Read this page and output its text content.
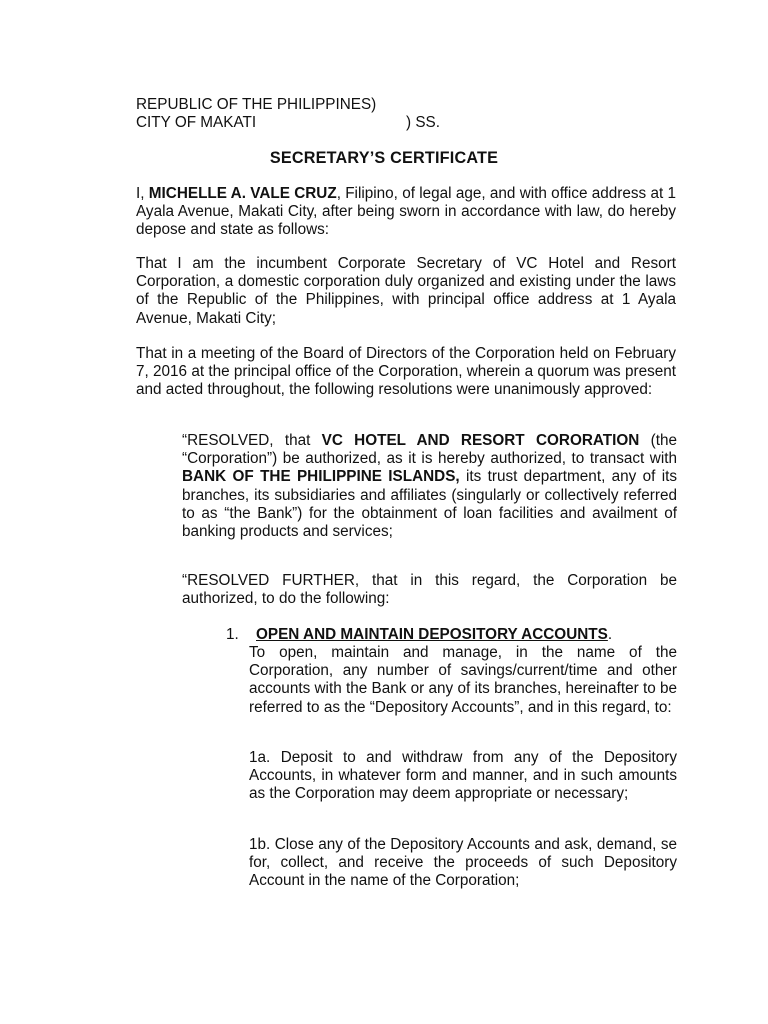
REPUBLIC OF THE PHILIPPINES)
CITY OF MAKATI	) SS.
SECRETARY’S CERTIFICATE

I, MICHELLE A. VALE CRUZ, Filipino, of legal age, and with office address at 1 Ayala Avenue, Makati City, after being sworn in accordance with law, do hereby depose and state as follows:

That I am the incumbent Corporate Secretary of VC Hotel and Resort Corporation, a domestic corporation duly organized and existing under the laws of the Republic of the Philippines, with principal office address at 1 Ayala Avenue, Makati City;

That in a meeting of the Board of Directors of the Corporation held on February 7, 2016 at the principal office of the Corporation, wherein a quorum was present and acted throughout, the following resolutions were unanimously approved:

“RESOLVED, that VC HOTEL AND RESORT CORORATION (the “Corporation”) be authorized, as it is hereby authorized, to transact with BANK OF THE PHILIPPINE ISLANDS, its trust department, any of its branches, its subsidiaries and affiliates (singularly or collectively referred to as “the Bank”) for the obtainment of loan facilities and availment of banking products and services;

“RESOLVED FURTHER, that in this regard, the Corporation be authorized, to do the following:

1. OPEN AND MAINTAIN DEPOSITORY ACCOUNTS.

To open, maintain and manage, in the name of the Corporation, any number of savings/current/time and other accounts with the Bank or any of its branches, hereinafter to be referred to as the “Depository Accounts”, and in this regard, to:

1a. Deposit to and withdraw from any of the Depository Accounts, in whatever form and manner, and in such amounts as the Corporation may deem appropriate or necessary;

1b. Close any of the Depository Accounts and ask, demand, se for, collect, and receive the proceeds of such Depository Account in the name of the Corporation;
